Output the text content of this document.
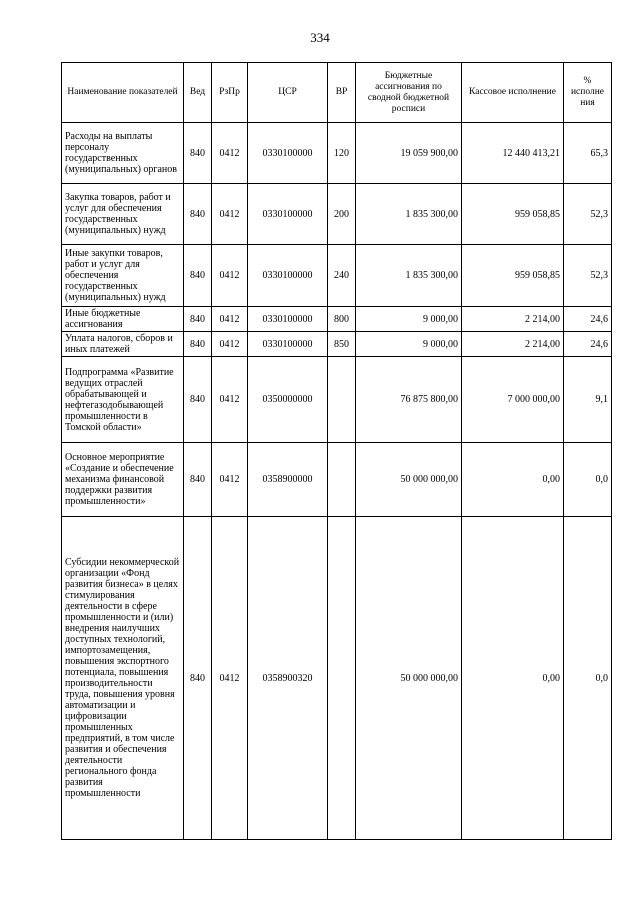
334
Наименование показателей	Вед	РзПр	ЦСР	ВР	Бюджетные ассигнования по сводной бюджетной росписи	Кассовое исполнение	% исполне ния
Расходы на выплаты персоналу государственных (муниципальных) органов	840	0412	0330100000	120	19 059 900,00	12 440 413,21	65,3
Закупка товаров, работ и услуг для обеспечения государственных (муниципальных) нужд	840	0412	0330100000	200	1 835 300,00	959 058,85	52,3
Иные закупки товаров, работ и услуг для обеспечения государственных (муниципальных) нужд	840	0412	0330100000	240	1 835 300,00	959 058,85	52,3
Иные бюджетные ассигнования	840	0412	0330100000	800	9 000,00	2 214,00	24,6
Уплата налогов, сборов и иных платежей	840	0412	0330100000	850	9 000,00	2 214,00	24,6
Подпрограмма «Развитие ведущих отраслей обрабатывающей и нефтегазодобывающей промышленности в Томской области»	840	0412	0350000000		76 875 800,00	7 000 000,00	9,1
Основное мероприятие «Создание и обеспечение механизма финансовой поддержки развития промышленности»	840	0412	0358900000		50 000 000,00	0,00	0,0
Субсидии некоммерческой организации «Фонд развития бизнеса» в целях стимулирования деятельности в сфере промышленности и (или) внедрения наилучших доступных технологий, импортозамещения, повышения экспортного потенциала, повышения производительности труда, повышения уровня автоматизации и цифровизации промышленных предприятий, в том числе развития и обеспечения деятельности регионального фонда развития промышленности	840	0412	0358900320		50 000 000,00	0,00	0,0
